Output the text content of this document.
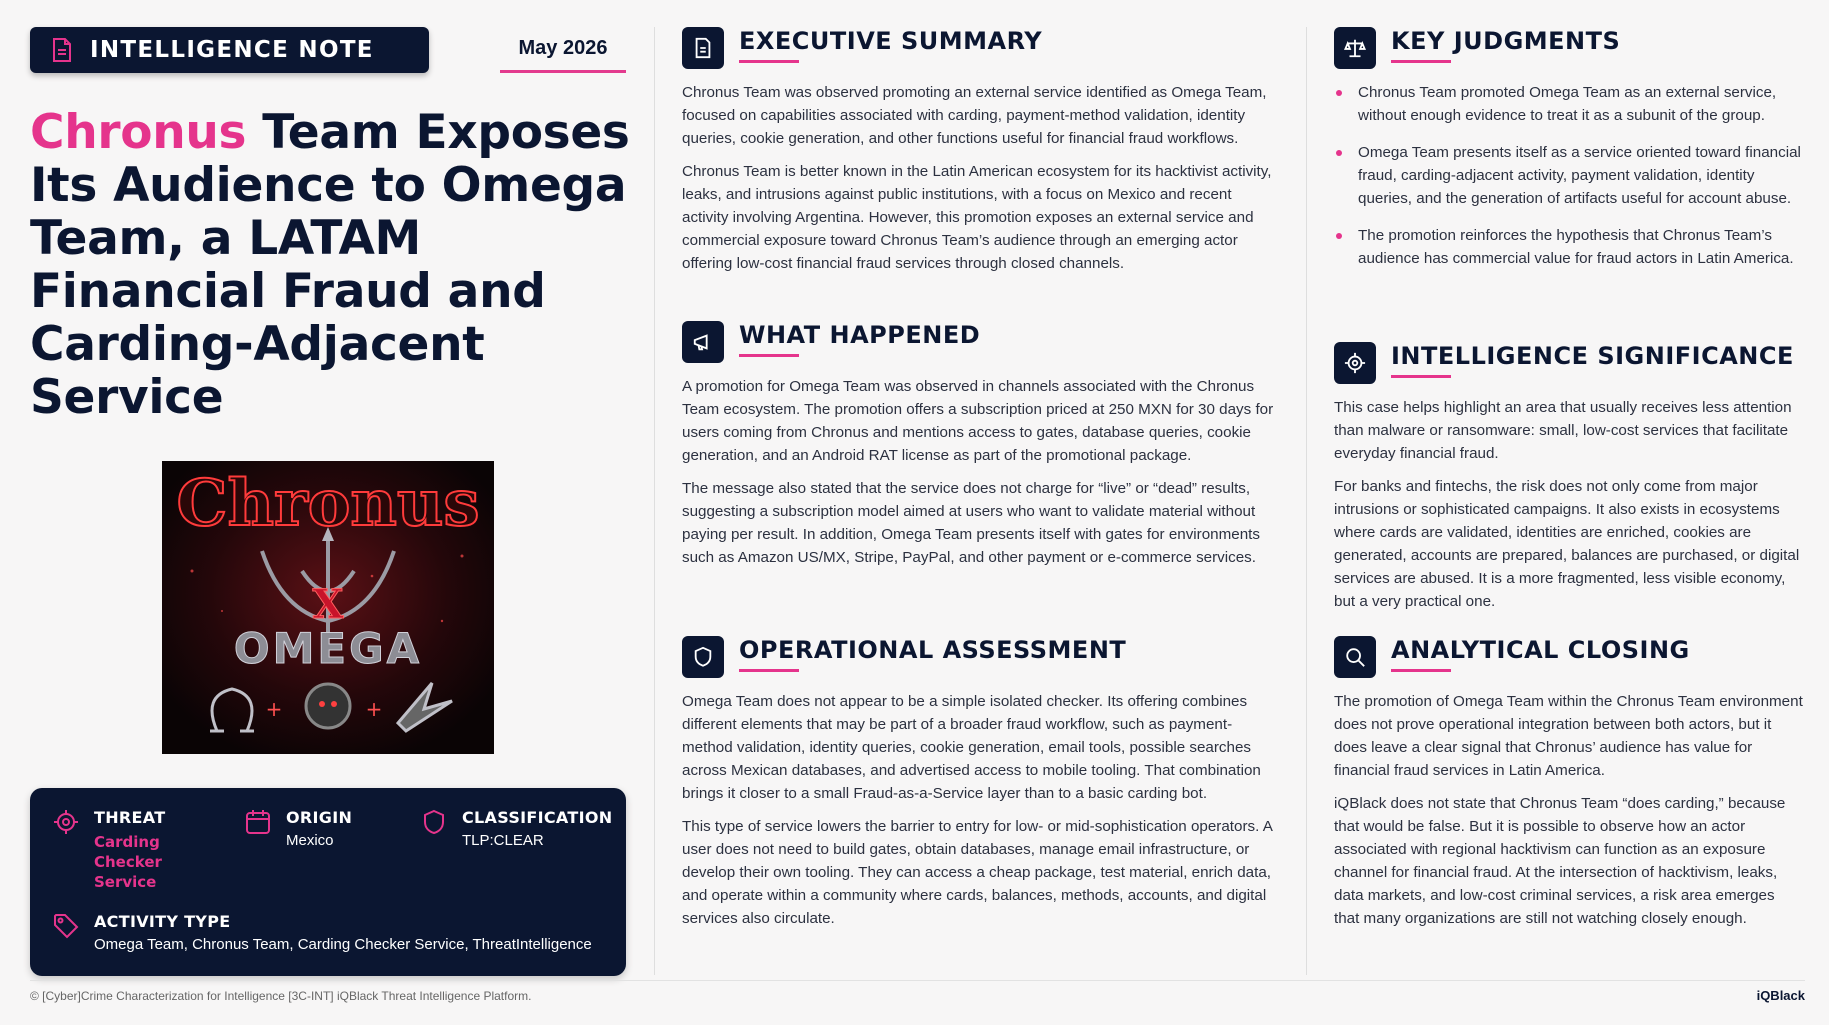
INTELLIGENCE NOTE	May 2026
Chronus Team Exposes Its Audience to Omega Team, a LATAM Financial Fraud and Carding-Adjacent Service
Chronus
X
OMEGA
+	+
THREAT
Carding Checker Service
ORIGIN
Mexico
CLASSIFICATION
TLP:CLEAR
ACTIVITY TYPE
Omega Team, Chronus Team, Carding Checker Service, ThreatIntelligence
EXECUTIVE SUMMARY

Chronus Team was observed promoting an external service identified as Omega Team, focused on capabilities associated with carding, payment-method validation, identity queries, cookie generation, and other functions useful for financial fraud workflows.

Chronus Team is better known in the Latin American ecosystem for its hacktivist activity, leaks, and intrusions against public institutions, with a focus on Mexico and recent activity involving Argentina. However, this promotion exposes an external service and commercial exposure toward Chronus Team’s audience through an emerging actor offering low-cost financial fraud services through closed channels.

WHAT HAPPENED

A promotion for Omega Team was observed in channels associated with the Chronus Team ecosystem. The promotion offers a subscription priced at 250 MXN for 30 days for users coming from Chronus and mentions access to gates, database queries, cookie generation, and an Android RAT license as part of the promotional package.

The message also stated that the service does not charge for “live” or “dead” results, suggesting a subscription model aimed at users who want to validate material without paying per result. In addition, Omega Team presents itself with gates for environments such as Amazon US/MX, Stripe, PayPal, and other payment or e-commerce services.

OPERATIONAL ASSESSMENT

Omega Team does not appear to be a simple isolated checker. Its offering combines different elements that may be part of a broader fraud workflow, such as payment-method validation, identity queries, cookie generation, email tools, possible searches across Mexican databases, and advertised access to mobile tooling. That combination brings it closer to a small Fraud-as-a-Service layer than to a basic carding bot.

This type of service lowers the barrier to entry for low- or mid-sophistication operators. A user does not need to build gates, obtain databases, manage email infrastructure, or develop their own tooling. They can access a cheap package, test material, enrich data, and operate within a community where cards, balances, methods, accounts, and digital services also circulate.

KEY JUDGMENTS
Chronus Team promoted Omega Team as an external service, without enough evidence to treat it as a subunit of the group.
Omega Team presents itself as a service oriented toward financial fraud, carding-adjacent activity, payment validation, identity queries, and the generation of artifacts useful for account abuse.
The promotion reinforces the hypothesis that Chronus Team’s audience has commercial value for fraud actors in Latin America.
INTELLIGENCE SIGNIFICANCE

This case helps highlight an area that usually receives less attention than malware or ransomware: small, low-cost services that facilitate everyday financial fraud.

For banks and fintechs, the risk does not only come from major intrusions or sophisticated campaigns. It also exists in ecosystems where cards are validated, identities are enriched, cookies are generated, accounts are prepared, balances are purchased, or digital services are abused. It is a more fragmented, less visible economy, but a very practical one.

ANALYTICAL CLOSING

The promotion of Omega Team within the Chronus Team environment does not prove operational integration between both actors, but it does leave a clear signal that Chronus’ audience has value for financial fraud services in Latin America.

iQBlack does not state that Chronus Team “does carding,” because that would be false. But it is possible to observe how an actor associated with regional hacktivism can function as an exposure channel for financial fraud. At the intersection of hacktivism, leaks, data markets, and low-cost criminal services, a risk area emerges that many organizations are still not watching closely enough.

© [Cyber]Crime Characterization for Intelligence [3C-INT] iQBlack Threat Intelligence Platform.	iQBlack
